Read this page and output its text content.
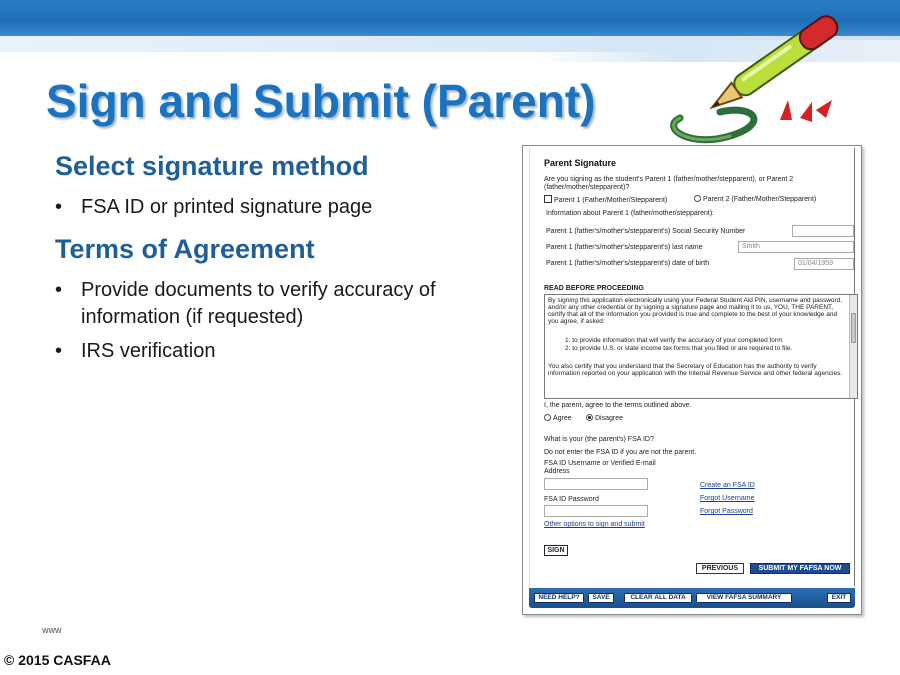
Sign and Submit (Parent)
Select signature method
• FSA ID or printed signature page
Terms of Agreement
• Provide documents to verify accuracy of information (if requested)
• IRS verification
www
© 2015 CASFAA
Parent Signature
Are you signing as the student's Parent 1 (father/mother/stepparent), or Parent 2 (father/mother/stepparent)?
Parent 1 (Father/Mother/Stepparent)	Parent 2 (Father/Mother/Stepparent)
Information about Parent 1 (father/mother/stepparent):
Parent 1 (father's/mother's/stepparent's) Social Security Number
Parent 1 (father's/mother's/stepparent's) last name	Smith
Parent 1 (father's/mother's/stepparent's) date of birth	01/04/1959
READ BEFORE PROCEEDING
By signing this application electronically using your Federal Student Aid PIN, username and password, and/or any other credential or by signing a signature page and mailing it to us, YOU, THE PARENT, certify that all of the information you provided is true and complete to the best of your knowledge and you agree, if asked:
1. to provide information that will verify the accuracy of your completed form
2. to provide U.S. or state income tax forms that you filed or are required to file.
You also certify that you understand that the Secretary of Education has the authority to verify information reported on your application with the Internal Revenue Service and other federal agencies.
I, the parent, agree to the terms outlined above.
Agree	Disagree
What is your (the parent's) FSA ID?
Do not enter the FSA ID if you are not the parent.
FSA ID Username or Verified E-mail Address
FSA ID Password
Create an FSA ID
Forgot Username
Forgot Password
Other options to sign and submit
SIGN
PREVIOUS	SUBMIT MY FAFSA NOW
NEED HELP?	SAVE	CLEAR ALL DATA	VIEW FAFSA SUMMARY	EXIT
